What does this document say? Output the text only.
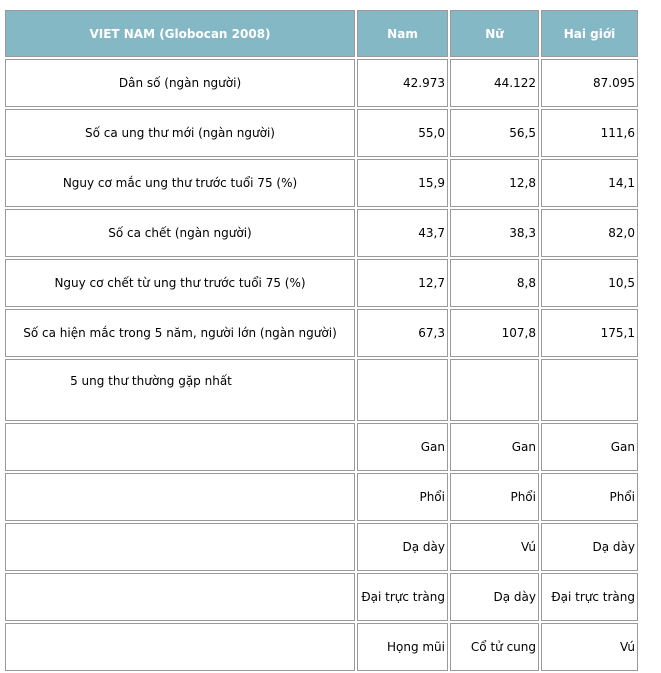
VIET NAM (Globocan 2008)	Nam	Nữ	Hai giới
Dân số (ngàn người)	42.973	44.122	87.095
Số ca ung thư mới (ngàn người)	55,0	56,5	111,6
Nguy cơ mắc ung thư trước tuổi 75 (%)	15,9	12,8	14,1
Số ca chết (ngàn người)	43,7	38,3	82,0
Nguy cơ chết từ ung thư trước tuổi 75 (%)	12,7	8,8	10,5
Số ca hiện mắc trong 5 năm, người lớn (ngàn người)	67,3	107,8	175,1
5 ung thư thường gặp nhất			
	Gan	Gan	Gan
	Phổi	Phổi	Phổi
	Dạ dày	Vú	Dạ dày
	Đại trực tràng	Dạ dày	Đại trực tràng
	Họng mũi	Cổ tử cung	Vú
